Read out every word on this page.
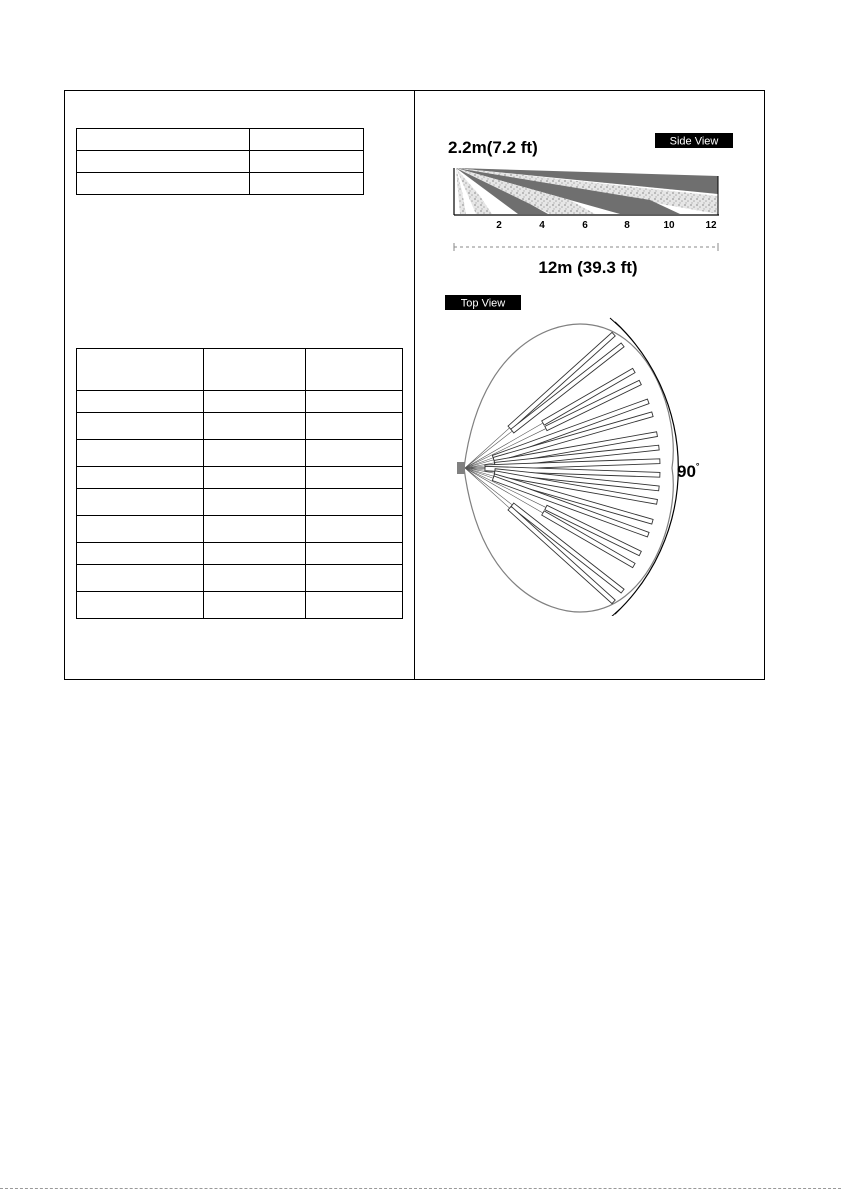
Side View
2.2m(7.2 ft)
2	4	6	8	10	12
12m (39.3 ft)
Top View
90°
